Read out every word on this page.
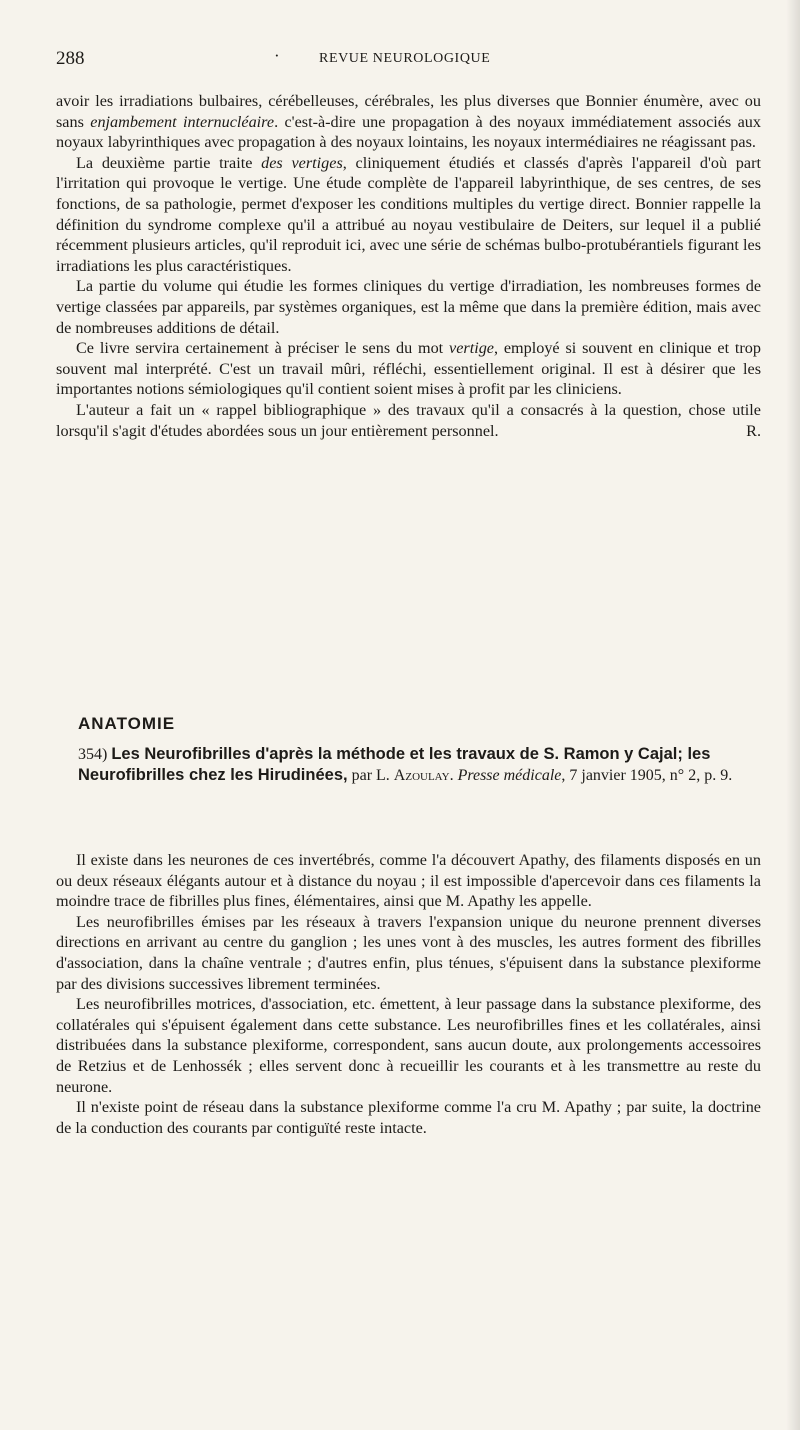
288	·	REVUE NEUROLOGIQUE

avoir les irradiations bulbaires, cérébelleuses, cérébrales, les plus diverses que Bonnier énumère, avec ou sans enjambement internucléaire. c'est-à-dire une propagation à des noyaux immédiatement associés aux noyaux labyrinthiques avec propagation à des noyaux lointains, les noyaux intermédiaires ne réagissant pas.

La deuxième partie traite des vertiges, cliniquement étudiés et classés d'après l'appareil d'où part l'irritation qui provoque le vertige. Une étude complète de l'appareil labyrinthique, de ses centres, de ses fonctions, de sa pathologie, permet d'exposer les conditions multiples du vertige direct. Bonnier rappelle la définition du syndrome complexe qu'il a attribué au noyau vestibulaire de Deiters, sur lequel il a publié récemment plusieurs articles, qu'il reproduit ici, avec une série de schémas bulbo-protubérantiels figurant les irradiations les plus caractéristiques.

La partie du volume qui étudie les formes cliniques du vertige d'irradiation, les nombreuses formes de vertige classées par appareils, par systèmes organiques, est la même que dans la première édition, mais avec de nombreuses additions de détail.

Ce livre servira certainement à préciser le sens du mot vertige, employé si souvent en clinique et trop souvent mal interprété. C'est un travail mûri, réfléchi, essentiellement original. Il est à désirer que les importantes notions sémiologiques qu'il contient soient mises à profit par les cliniciens.

L'auteur a fait un « rappel bibliographique » des travaux qu'il a consacrés à la question, chose utile lorsqu'il s'agit d'études abordées sous un jour entièrement personnel.	R.

ANATOMIE
354) Les Neurofibrilles d'après la méthode et les travaux de S. Ramon y Cajal; les Neurofibrilles chez les Hirudinées, par L. Azoulay. Presse médicale, 7 janvier 1905, n° 2, p. 9.

Il existe dans les neurones de ces invertébrés, comme l'a découvert Apathy, des filaments disposés en un ou deux réseaux élégants autour et à distance du noyau ; il est impossible d'apercevoir dans ces filaments la moindre trace de fibrilles plus fines, élémentaires, ainsi que M. Apathy les appelle.

Les neurofibrilles émises par les réseaux à travers l'expansion unique du neurone prennent diverses directions en arrivant au centre du ganglion ; les unes vont à des muscles, les autres forment des fibrilles d'association, dans la chaîne ventrale ; d'autres enfin, plus ténues, s'épuisent dans la substance plexiforme par des divisions successives librement terminées.

Les neurofibrilles motrices, d'association, etc. émettent, à leur passage dans la substance plexiforme, des collatérales qui s'épuisent également dans cette substance. Les neurofibrilles fines et les collatérales, ainsi distribuées dans la substance plexiforme, correspondent, sans aucun doute, aux prolongements accessoires de Retzius et de Lenhossék ; elles servent donc à recueillir les courants et à les transmettre au reste du neurone.

Il n'existe point de réseau dans la substance plexiforme comme l'a cru M. Apathy ; par suite, la doctrine de la conduction des courants par contiguïté reste intacte.
